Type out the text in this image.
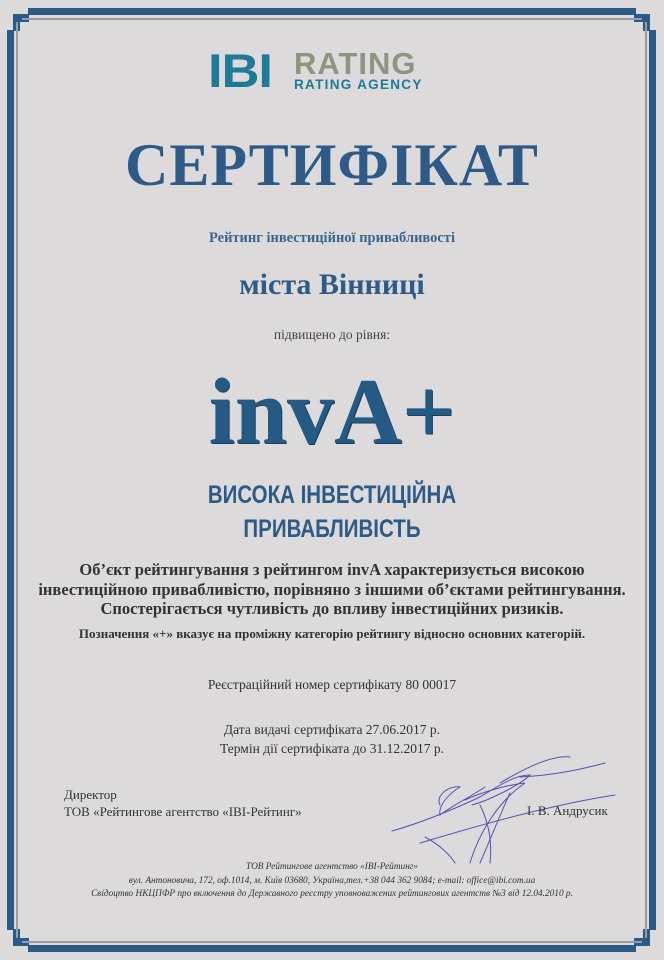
IBI RATING
RATING AGENCY
СЕРТИФІКАТ
Рейтинг інвестиційної привабливості
міста Вінниці
підвищено до рівня:
invA+
ВИСОКА ІНВЕСТИЦІЙНА
ПРИВАБЛИВІСТЬ
Об’єкт рейтингування з рейтингом invA характеризується високою
інвестиційною привабливістю, порівняно з іншими об’єктами рейтингування.
Спостерігається чутливість до впливу інвестиційних ризиків.
Позначення «+» вказує на проміжну категорію рейтингу відносно основних категорій.
Реєстраційний номер сертифікату 80 00017
Дата видачі сертифіката 27.06.2017 р.
Термін дії сертифіката до 31.12.2017 р.
Директор
ТОВ «Рейтингове агентство «IBI-Рейтинг»	І. В. Андрусик
ТОВ Рейтингове агентство «IBI-Рейтинг»
вул. Антоновича, 172, оф.1014, м. Київ 03680, Україна,тел.+38 044 362 9084; e-mail: office@ibi.com.ua
Свідоцтво НКЦПФР про включення до Державного реєстру уповноважених рейтингових агентств №3 від 12.04.2010 р.
